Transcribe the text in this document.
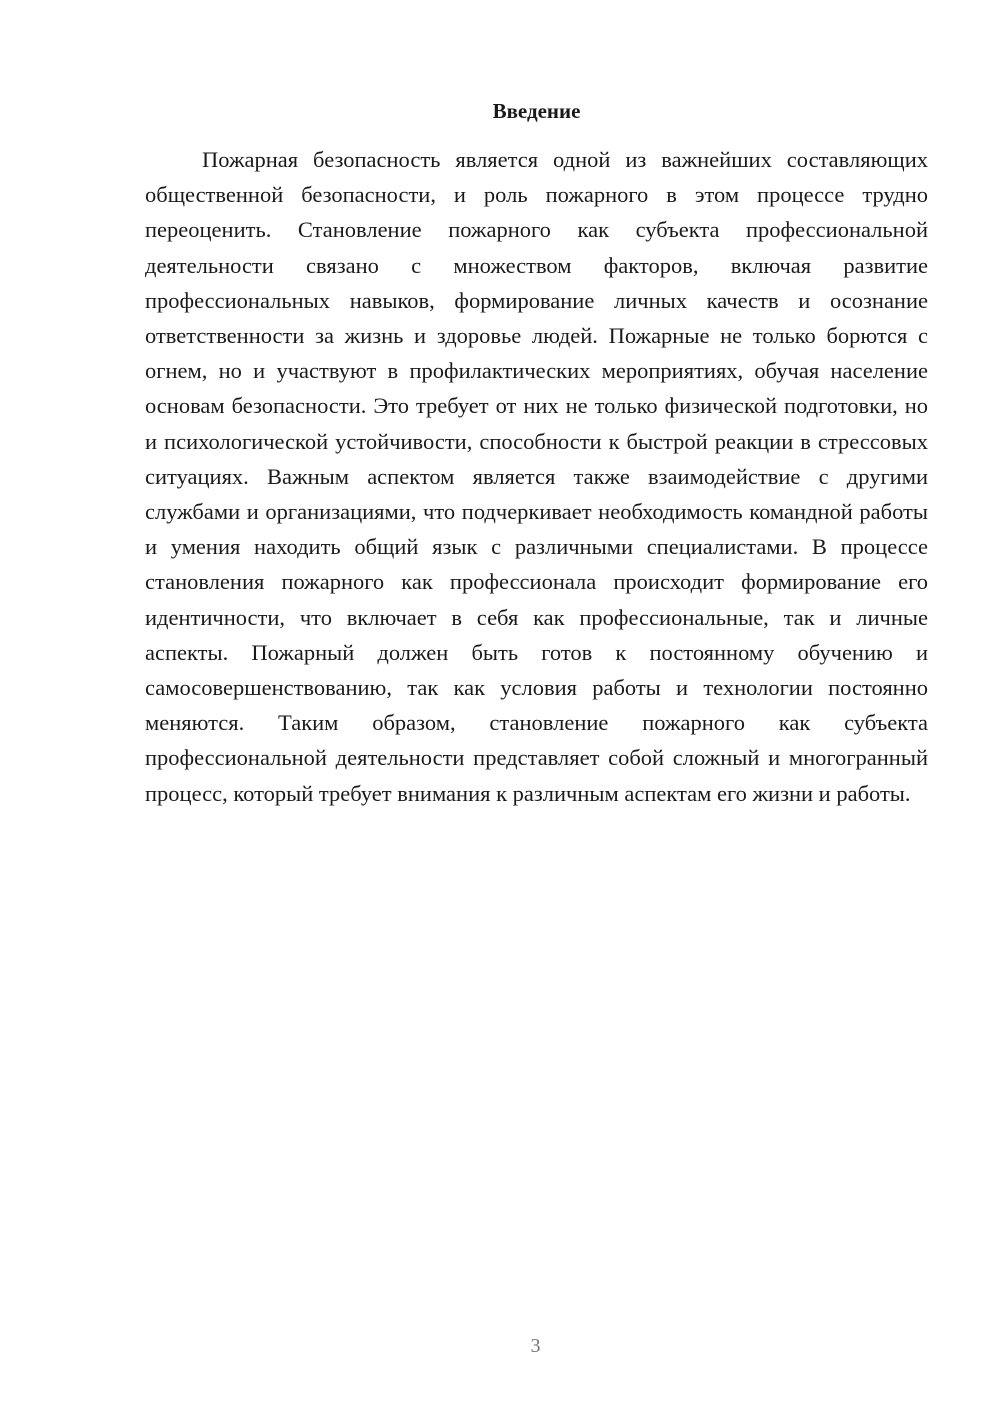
Введение

Пожарная безопасность является одной из важнейших составляющих общественной безопасности, и роль пожарного в этом процессе трудно переоценить. Становление пожарного как субъекта профессиональной деятельности связано с множеством факторов, включая развитие профессиональных навыков, формирование личных качеств и осознание ответственности за жизнь и здоровье людей. Пожарные не только борются с огнем, но и участвуют в профилактических мероприятиях, обучая население основам безопасности. Это требует от них не только физической подготовки, но и психологической устойчивости, способности к быстрой реакции в стрессовых ситуациях. Важным аспектом является также взаимодействие с другими службами и организациями, что подчеркивает необходимость командной работы и умения находить общий язык с различными специалистами. В процессе становления пожарного как профессионала происходит формирование его идентичности, что включает в себя как профессиональные, так и личные аспекты. Пожарный должен быть готов к постоянному обучению и самосовершенствованию, так как условия работы и технологии постоянно меняются. Таким образом, становление пожарного как субъекта профессиональной деятельности представляет собой сложный и многогранный процесс, который требует внимания к различным аспектам его жизни и работы.

3
